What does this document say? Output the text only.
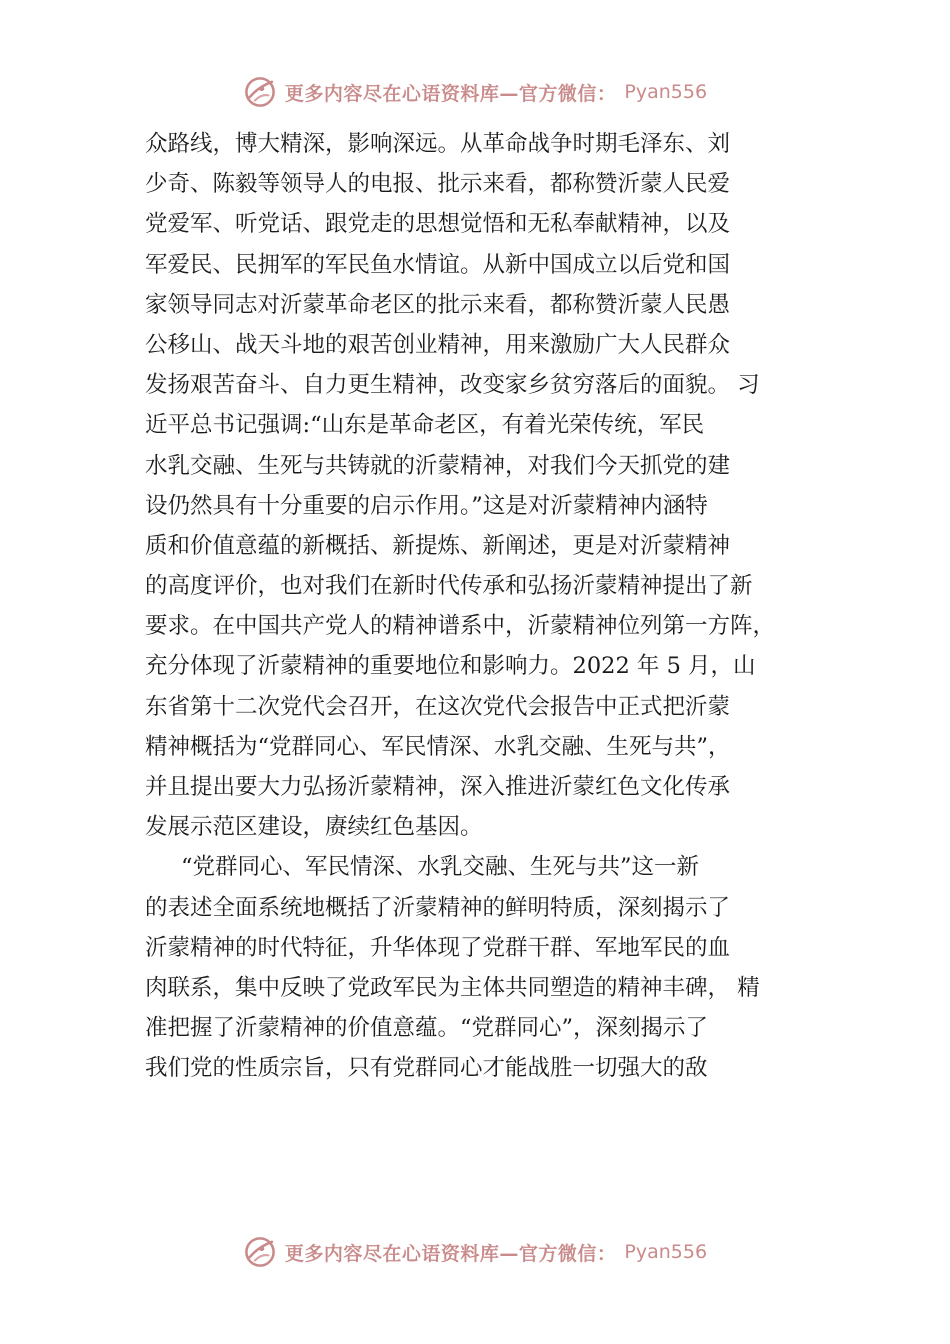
更多内容尽在心语资料库—官方微信： Pyan556
众路线，博大精深，影响深远。从革命战争时期毛泽东、刘
少奇、陈毅等领导人的电报、批示来看，都称赞沂蒙人民爱
党爱军、听党话、跟党走的思想觉悟和无私奉献精神，以及
军爱民、民拥军的军民鱼水情谊。从新中国成立以后党和国
家领导同志对沂蒙革命老区的批示来看，都称赞沂蒙人民愚
公移山、战天斗地的艰苦创业精神，用来激励广大人民群众
发扬艰苦奋斗、自力更生精神，改变家乡贫穷落后的面貌。 习
近平总书记强调:“山东是革命老区，有着光荣传统，军民
水乳交融、生死与共铸就的沂蒙精神，对我们今天抓党的建
设仍然具有十分重要的启示作用。”这是对沂蒙精神内涵特
质和价值意蕴的新概括、新提炼、新阐述，更是对沂蒙精神
的高度评价，也对我们在新时代传承和弘扬沂蒙精神提出了新
要求。在中国共产党人的精神谱系中，沂蒙精神位列第一方阵，
充分体现了沂蒙精神的重要地位和影响力。2022 年 5 月，山
东省第十二次党代会召开，在这次党代会报告中正式把沂蒙
精神概括为“党群同心、军民情深、水乳交融、生死与共”，
并且提出要大力弘扬沂蒙精神，深入推进沂蒙红色文化传承
发展示范区建设，赓续红色基因。
“党群同心、军民情深、水乳交融、生死与共”这一新
的表述全面系统地概括了沂蒙精神的鲜明特质，深刻揭示了
沂蒙精神的时代特征，升华体现了党群干群、军地军民的血
肉联系，集中反映了党政军民为主体共同塑造的精神丰碑， 精
准把握了沂蒙精神的价值意蕴。“党群同心”，深刻揭示了
我们党的性质宗旨，只有党群同心才能战胜一切强大的敌
更多内容尽在心语资料库—官方微信： Pyan556
